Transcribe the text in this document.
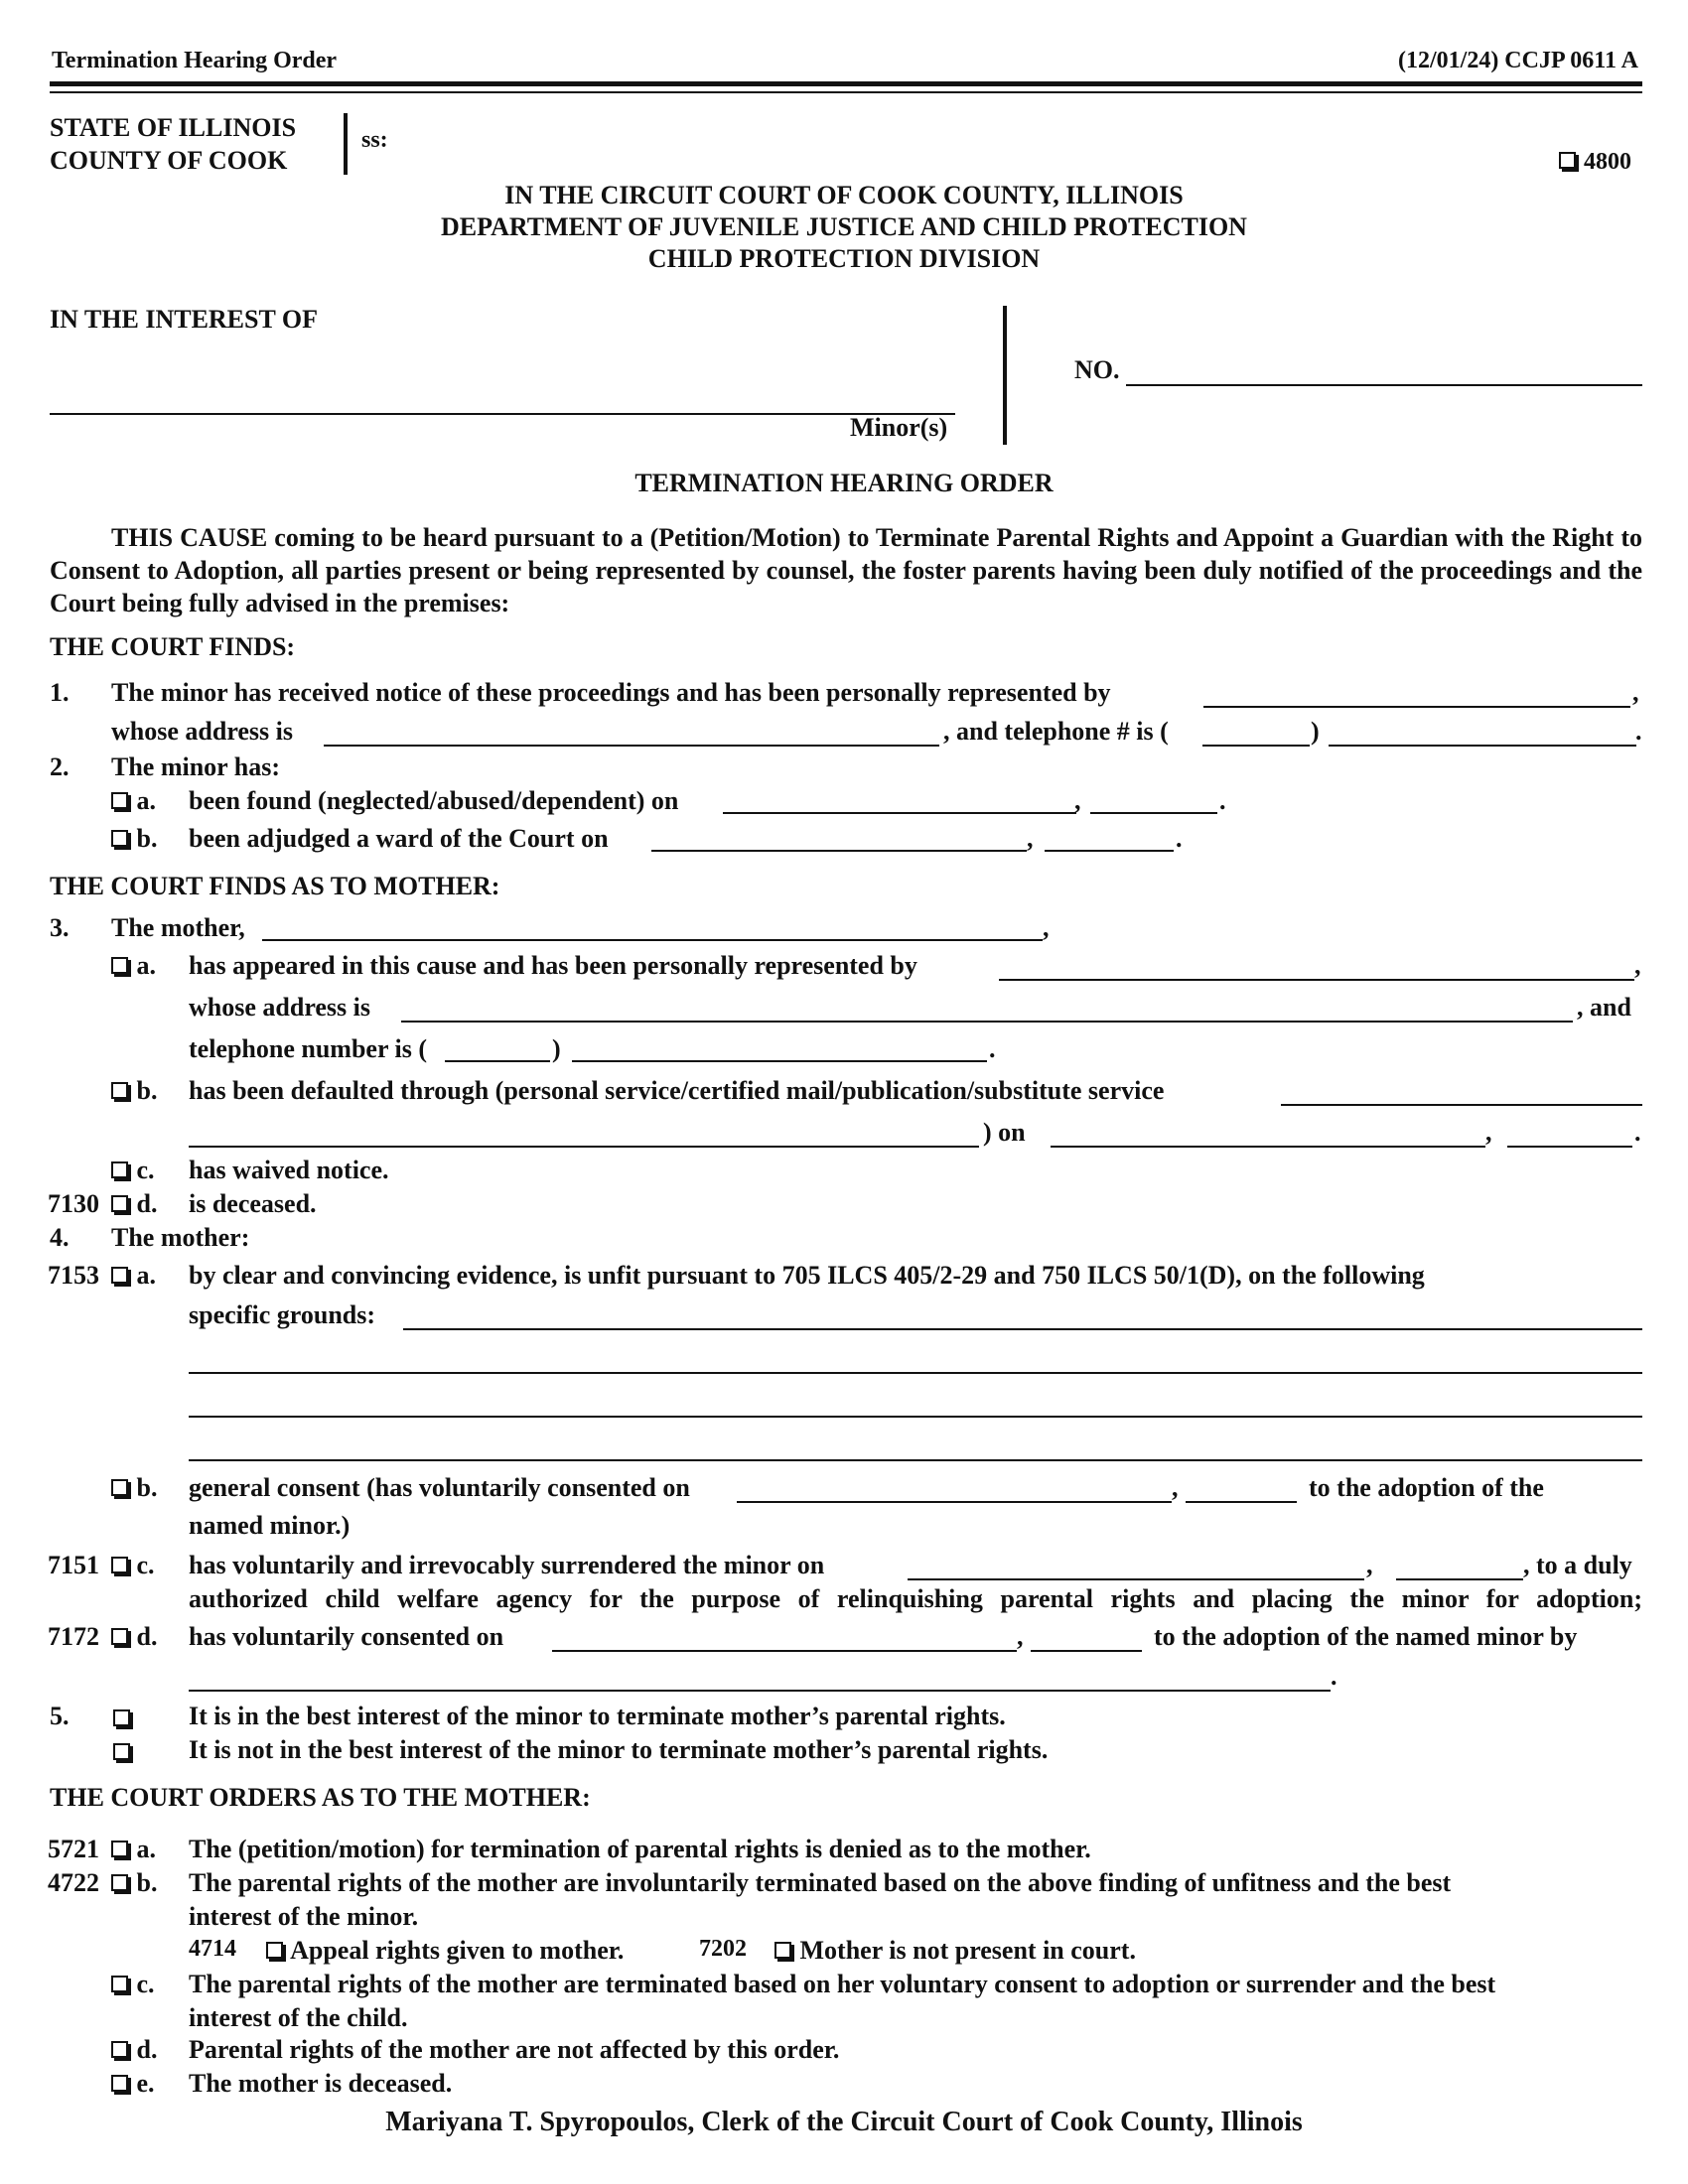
Termination Hearing Order	(12/01/24) CCJP 0611 A
STATE OF ILLINOIS
COUNTY OF COOK
ss:
4800
IN THE CIRCUIT COURT OF COOK COUNTY, ILLINOIS
DEPARTMENT OF JUVENILE JUSTICE AND CHILD PROTECTION
CHILD PROTECTION DIVISION
IN THE INTEREST OF
Minor(s)
NO.
TERMINATION HEARING ORDER
THIS CAUSE coming to be heard pursuant to a (Petition/Motion) to Terminate Parental Rights and Appoint a Guardian with the Right to Consent to Adoption, all parties present or being represented by counsel, the foster parents having been duly notified of the proceedings and the Court being fully advised in the premises:
THE COURT FINDS:
1. The minor has received notice of these proceedings and has been personally represented by	,
whose address is	, and telephone # is (	)	.
2. The minor has:
a. been found (neglected/abused/dependent) on	,	.
b. been adjudged a ward of the Court on	,	.
THE COURT FINDS AS TO MOTHER:
3. The mother,	,
a. has appeared in this cause and has been personally represented by	,
whose address is	, and
telephone number is (	)	.
b. has been defaulted through (personal service/certified mail/publication/substitute service
) on	,	.
c. has waived notice.
7130	d. is deceased.
4. The mother:
7153	a. by clear and convincing evidence, is unfit pursuant to 705 ILCS 405/2-29 and 750 ILCS 50/1(D), on the following
specific grounds:
b. general consent (has voluntarily consented on	,	to the adoption of the
named minor.)
7151	c. has voluntarily and irrevocably surrendered the minor on	,	, to a duly
authorized child welfare agency for the purpose of relinquishing parental rights and placing the minor for adoption;
7172	d. has voluntarily consented on	,	to the adoption of the named minor by
.
5.	It is in the best interest of the minor to terminate mother’s parental rights.
It is not in the best interest of the minor to terminate mother’s parental rights.
THE COURT ORDERS AS TO THE MOTHER:
5721	a. The (petition/motion) for termination of parental rights is denied as to the mother.
4722	b. The parental rights of the mother are involuntarily terminated based on the above finding of unfitness and the best
interest of the minor.
4714	Appeal rights given to mother.	7202	Mother is not present in court.
c. The parental rights of the mother are terminated based on her voluntary consent to adoption or surrender and the best
interest of the child.
d. Parental rights of the mother are not affected by this order.
e. The mother is deceased.
Mariyana T. Spyropoulos, Clerk of the Circuit Court of Cook County, Illinois
